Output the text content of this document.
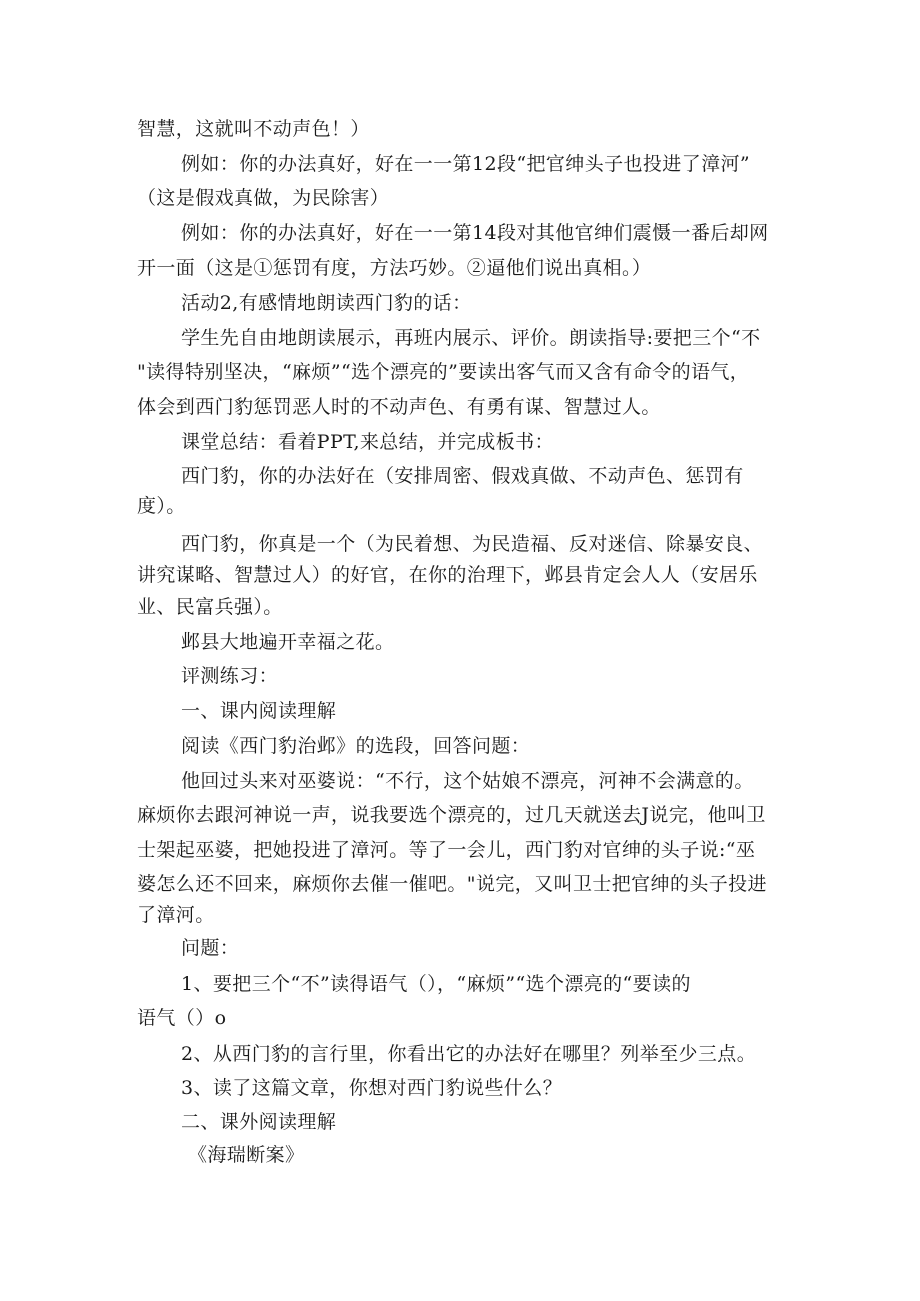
智慧，这就叫不动声色！）
例如：你的办法真好，好在一一第12段“把官绅头子也投进了漳河”
（这是假戏真做，为民除害）
例如：你的办法真好，好在一一第14段对其他官绅们震慑一番后却网
开一面（这是①惩罚有度，方法巧妙。②逼他们说出真相。）
活动2,有感情地朗读西门豹的话：
学生先自由地朗读展示，再班内展示、评价。朗读指导:要把三个“不
"读得特别坚决，“麻烦”“选个漂亮的”要读出客气而又含有命令的语气，
体会到西门豹惩罚恶人时的不动声色、有勇有谋、智慧过人。
课堂总结：看着PPT,来总结，并完成板书：
西门豹，你的办法好在（安排周密、假戏真做、不动声色、惩罚有
度）。
西门豹，你真是一个（为民着想、为民造福、反对迷信、除暴安良、
讲究谋略、智慧过人）的好官，在你的治理下，邺县肯定会人人（安居乐
业、民富兵强）。
邺县大地遍开幸福之花。
评测练习：
一、课内阅读理解
阅读《西门豹治邺》的选段，回答问题：
他回过头来对巫婆说：“不行，这个姑娘不漂亮，河神不会满意的。
麻烦你去跟河神说一声，说我要选个漂亮的，过几天就送去J说完，他叫卫
士架起巫婆，把她投进了漳河。等了一会儿，西门豹对官绅的头子说:“巫
婆怎么还不回来，麻烦你去催一催吧。"说完，又叫卫士把官绅的头子投进
了漳河。
问题：
1、要把三个“不”读得语气（），“麻烦”“选个漂亮的“要读的
语气（）o
2、从西门豹的言行里，你看出它的办法好在哪里？列举至少三点。
3、读了这篇文章，你想对西门豹说些什么？
二、课外阅读理解
《海瑞断案》
